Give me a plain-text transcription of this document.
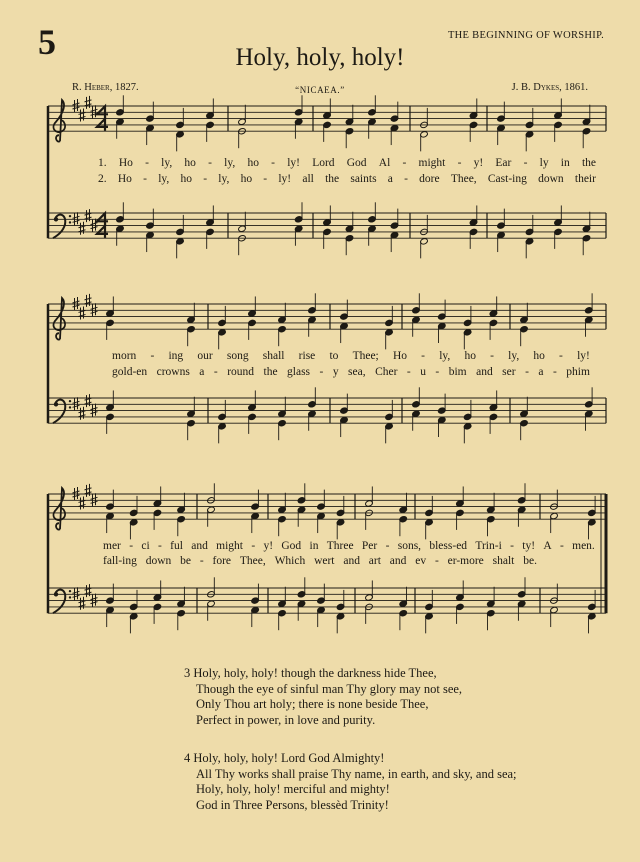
5	THE BEGINNING OF WORSHIP.
Holy, holy, holy!
R. Heber, 1827.	“NICAEA.”	J. B. Dykes, 1861.
1. Ho - ly, ho - ly, ho - ly! Lord God Al - might - y! Ear - ly in the
2. Ho - ly, ho - ly, ho - ly! all the saints a - dore Thee, Cast-ing down their
morn - ing our song shall rise to Thee; Ho - ly, ho - ly, ho - ly!
gold-en crowns a - round the glass - y sea, Cher - u - bim and ser - a - phim
mer - ci - ful and might - y! God in Three Per - sons, bless-ed Trin-i - ty! A - men.
fall-ing down be - fore Thee, Which wert and art and ev - er-more shalt be.
3 Holy, holy, holy! though the darkness hide Thee,
Though the eye of sinful man Thy glory may not see,
Only Thou art holy; there is none beside Thee,
Perfect in power, in love and purity.
4 Holy, holy, holy! Lord God Almighty!
All Thy works shall praise Thy name, in earth, and sky, and sea;
Holy, holy, holy! merciful and mighty!
God in Three Persons, blessèd Trinity!
